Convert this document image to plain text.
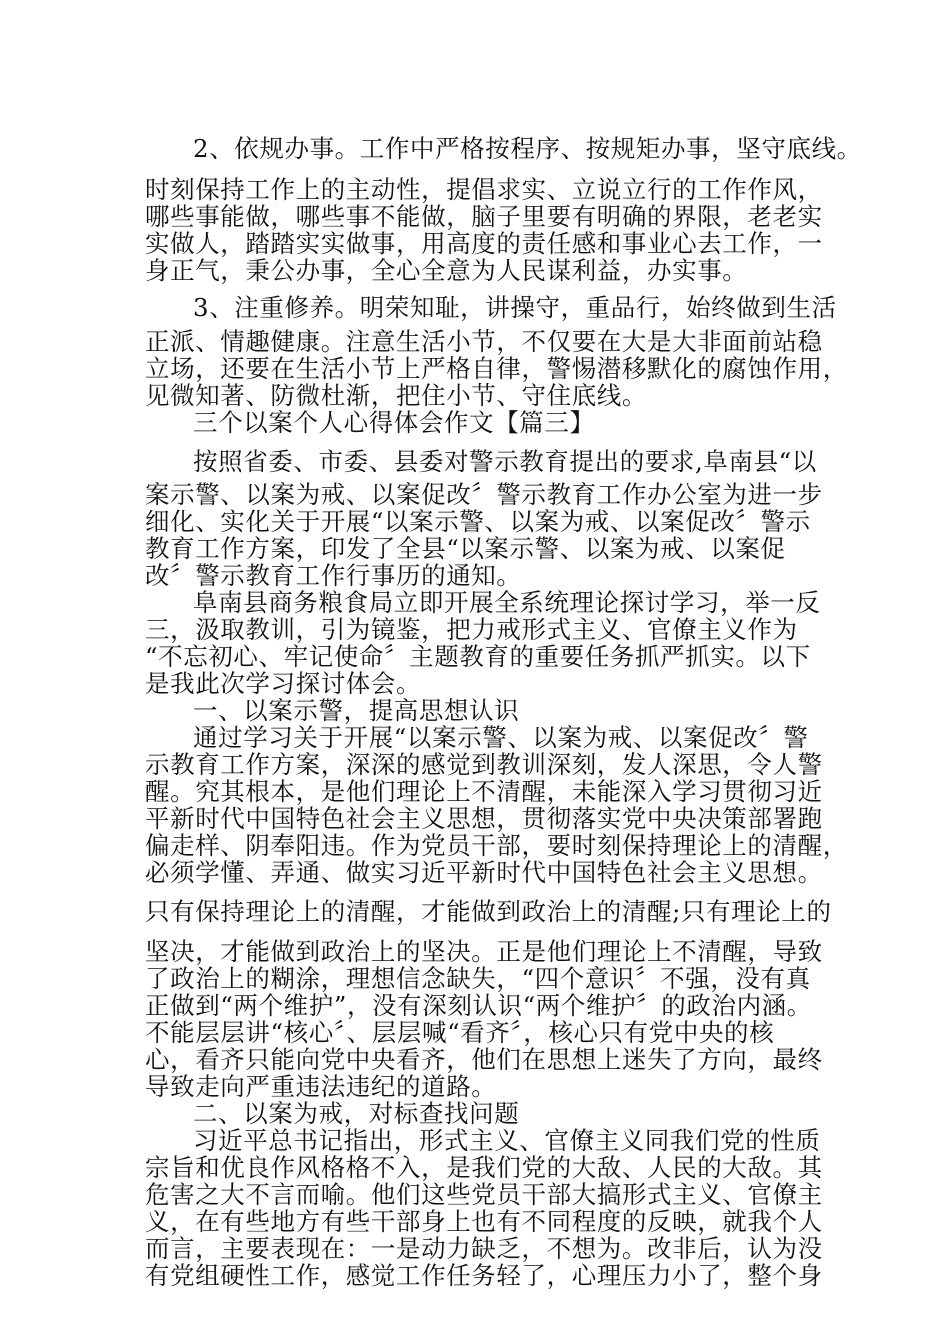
2、依规办事。工作中严格按程序、按规矩办事，坚守底线。

时刻保持工作上的主动性，提倡求实、立说立行的工作作风，

哪些事能做，哪些事不能做，脑子里要有明确的界限，老老实

实做人，踏踏实实做事，用高度的责任感和事业心去工作，一

身正气，秉公办事，全心全意为人民谋利益，办实事。

3、注重修养。明荣知耻，讲操守，重品行，始终做到生活

正派、情趣健康。注意生活小节，不仅要在大是大非面前站稳

立场，还要在生活小节上严格自律，警惕潜移默化的腐蚀作用，

见微知著、防微杜渐，把住小节、守住底线。

三个以案个人心得体会作文【篇三】

按照省委、市委、县委对警示教育提出的要求,阜南县“以

案示警、以案为戒、以案促改〞警示教育工作办公室为进一步

细化、实化关于开展“以案示警、以案为戒、以案促改〞警示

教育工作方案，印发了全县“以案示警、以案为戒、以案促

改〞警示教育工作行事历的通知。

阜南县商务粮食局立即开展全系统理论探讨学习，举一反

三，汲取教训，引为镜鉴，把力戒形式主义、官僚主义作为

“不忘初心、牢记使命〞主题教育的重要任务抓严抓实。以下

是我此次学习探讨体会。

一、以案示警，提高思想认识

通过学习关于开展“以案示警、以案为戒、以案促改〞警

示教育工作方案，深深的感觉到教训深刻，发人深思，令人警

醒。究其根本，是他们理论上不清醒，未能深入学习贯彻习近

平新时代中国特色社会主义思想，贯彻落实党中央决策部署跑

偏走样、阴奉阳违。作为党员干部，要时刻保持理论上的清醒，

必须学懂、弄通、做实习近平新时代中国特色社会主义思想。

只有保持理论上的清醒，才能做到政治上的清醒;只有理论上的

坚决，才能做到政治上的坚决。正是他们理论上不清醒，导致

了政治上的糊涂，理想信念缺失，“四个意识〞不强，没有真

正做到“两个维护”，没有深刻认识“两个维护〞的政治内涵。

不能层层讲“核心〞、层层喊“看齐〞，核心只有党中央的核

心，看齐只能向党中央看齐，他们在思想上迷失了方向，最终

导致走向严重违法违纪的道路。

二、以案为戒，对标查找问题

习近平总书记指出，形式主义、官僚主义同我们党的性质

宗旨和优良作风格格不入，是我们党的大敌、人民的大敌。其

危害之大不言而喻。他们这些党员干部大搞形式主义、官僚主

义，在有些地方有些干部身上也有不同程度的反映，就我个人

而言，主要表现在：一是动力缺乏，不想为。改非后，认为没

有党组硬性工作，感觉工作任务轻了，心理压力小了，整个身
